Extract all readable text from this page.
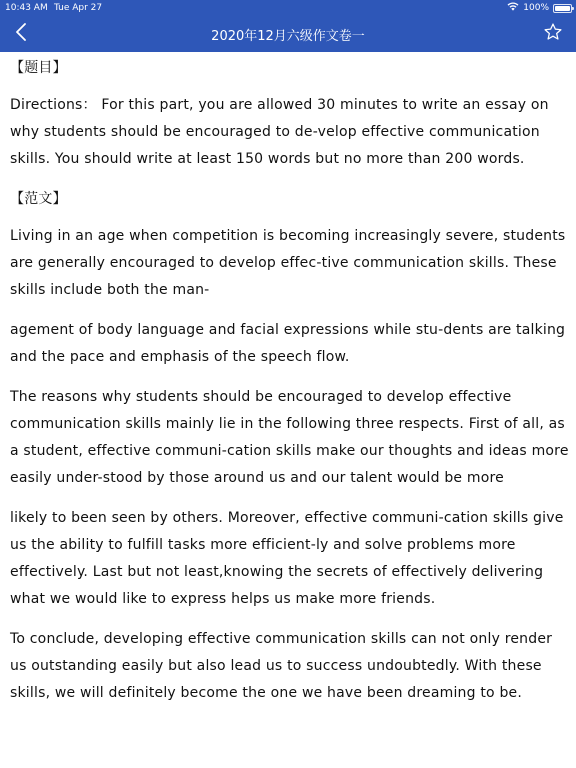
10:43 AM Tue Apr 27	100%
2020年12月六级作文卷一

【题目】

Directions： For this part, you are allowed 30 minutes to write an essay on why students should be encouraged to de-velop effective communication skills. You should write at least 150 words but no more than 200 words.

【范文】

Living in an age when competition is becoming increasingly severe, students are generally encouraged to develop effec-tive communication skills. These skills include both the man-

agement of body language and facial expressions while stu-dents are talking and the pace and emphasis of the speech flow.

The reasons why students should be encouraged to develop effective communication skills mainly lie in the following three respects. First of all, as a student, effective communi-cation skills make our thoughts and ideas more easily under-stood by those around us and our talent would be more

likely to been seen by others. Moreover, effective communi-cation skills give us the ability to fulfill tasks more efficient-ly and solve problems more effectively. Last but not least,knowing the secrets of effectively delivering what we would like to express helps us make more friends.

To conclude, developing effective communication skills can not only render us outstanding easily but also lead us to success undoubtedly. With these skills, we will definitely become the one we have been dreaming to be.
